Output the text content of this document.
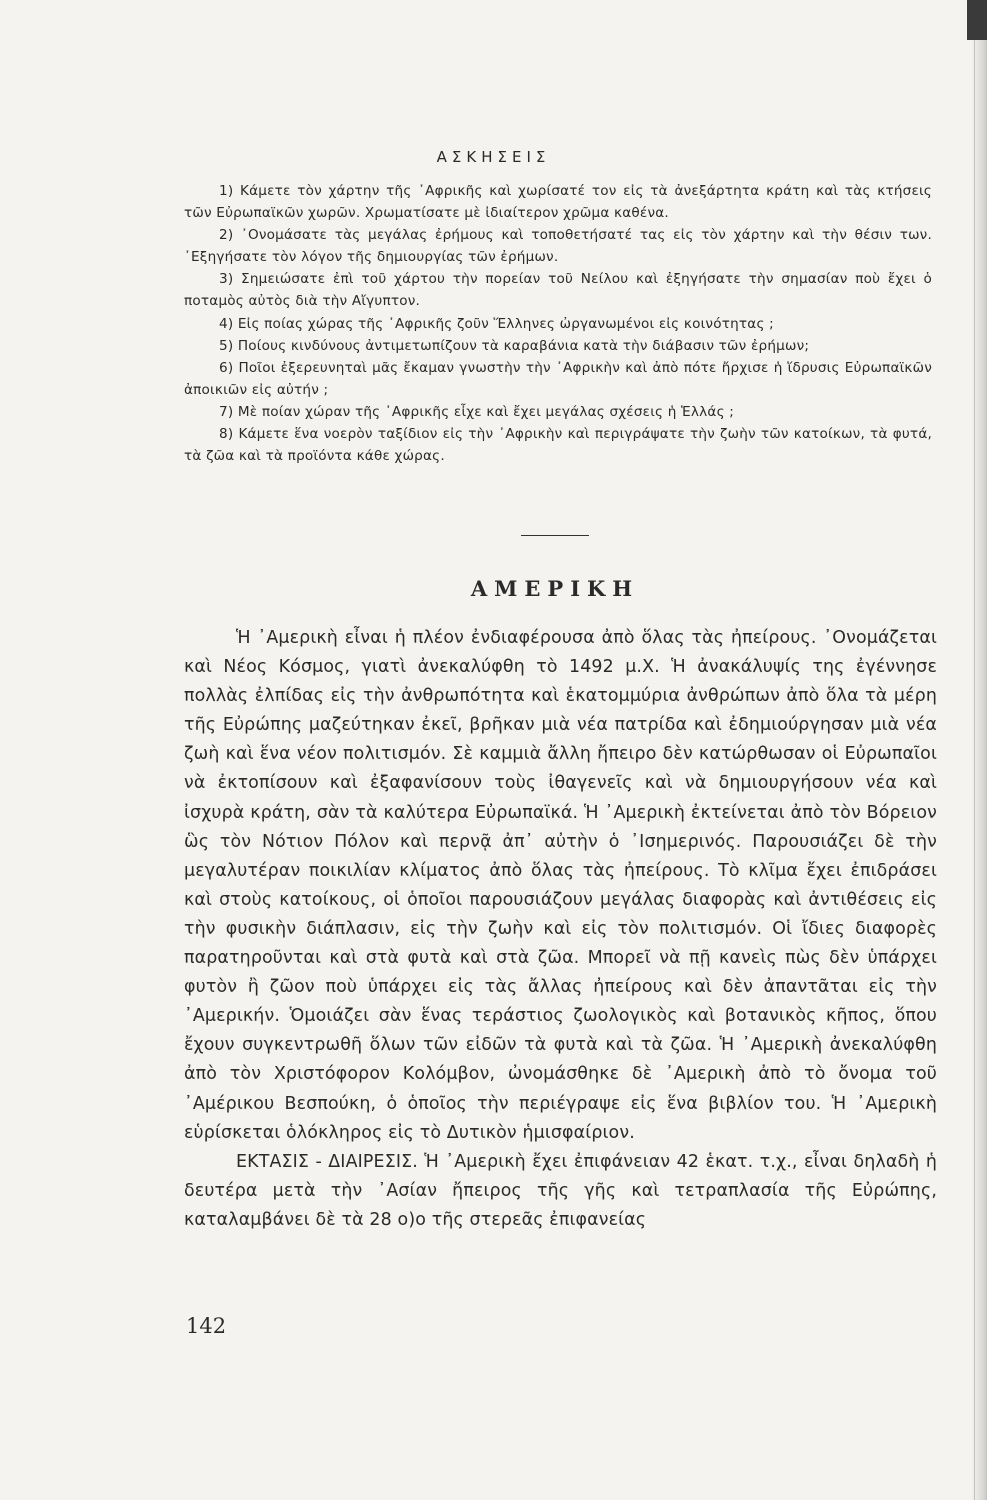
ΑΣΚΗΣΕΙΣ

1) Κάμετε τὸν χάρτην τῆς ᾿Αφρικῆς καὶ χωρίσατέ τον εἰς τὰ ἀνεξάρτητα κράτη καὶ τὰς κτήσεις τῶν Εὐρωπαϊκῶν χωρῶν. Χρωματίσατε μὲ ἰδιαίτερον χρῶμα καθένα.

2) ᾿Ονομάσατε τὰς μεγάλας ἐρήμους καὶ τοποθετήσατέ τας εἰς τὸν χάρτην καὶ τὴν θέσιν των. ᾿Εξηγήσατε τὸν λόγον τῆς δημιουργίας τῶν ἐρήμων.

3) Σημειώσατε ἐπὶ τοῦ χάρτου τὴν πορείαν τοῦ Νείλου καὶ ἐξηγήσατε τὴν σημασίαν ποὺ ἔχει ὁ ποταμὸς αὐτὸς διὰ τὴν Αἴγυπτον.

4) Εἰς ποίας χώρας τῆς ᾿Αφρικῆς ζοῦν Ἕλληνες ὠργανωμένοι εἰς κοινότητας ;

5) Ποίους κινδύνους ἀντιμετωπίζουν τὰ καραβάνια κατὰ τὴν διάβασιν τῶν ἐρήμων;

6) Ποῖοι ἐξερευνηταὶ μᾶς ἔκαμαν γνωστὴν τὴν ᾿Αφρικὴν καὶ ἀπὸ πότε ἤρχισε ἡ ἵδρυσις Εὐρωπαϊκῶν ἀποικιῶν εἰς αὐτήν ;

7) Μὲ ποίαν χώραν τῆς ᾿Αφρικῆς εἶχε καὶ ἔχει μεγάλας σχέσεις ἡ Ἑλλάς ;

8) Κάμετε ἕνα νοερὸν ταξίδιον εἰς τὴν ᾿Αφρικὴν καὶ περιγράψατε τὴν ζωὴν τῶν κατοίκων, τὰ φυτά, τὰ ζῶα καὶ τὰ προϊόντα κάθε χώρας.

ΑΜΕΡΙΚΗ

Ἡ ᾿Αμερικὴ εἶναι ἡ πλέον ἐνδιαφέρουσα ἀπὸ ὅλας τὰς ἠπείρους. ᾿Ονομάζεται καὶ Νέος Κόσμος, γιατὶ ἀνεκαλύφθη τὸ 1492 μ.Χ. Ἡ ἀνακάλυψίς της ἐγέννησε πολλὰς ἐλπίδας εἰς τὴν ἀνθρωπότητα καὶ ἑκατομμύρια ἀνθρώπων ἀπὸ ὅλα τὰ μέρη τῆς Εὐρώπης μαζεύτηκαν ἐκεῖ, βρῆκαν μιὰ νέα πατρίδα καὶ ἐδημιούργησαν μιὰ νέα ζωὴ καὶ ἕνα νέον πολιτισμόν. Σὲ καμμιὰ ἄλλη ἤπειρο δὲν κατώρθωσαν οἱ Εὐρωπαῖοι νὰ ἐκτοπίσουν καὶ ἐξαφανίσουν τοὺς ἰθαγενεῖς καὶ νὰ δημιουργήσουν νέα καὶ ἰσχυρὰ κράτη, σὰν τὰ καλύτερα Εὐρωπαϊκά. Ἡ ᾿Αμερικὴ ἐκτείνεται ἀπὸ τὸν Βόρειον ὣς τὸν Νότιον Πόλον καὶ περνᾷ ἀπ᾿ αὐτὴν ὁ ᾿Ισημερινός. Παρουσιάζει δὲ τὴν μεγαλυτέραν ποικιλίαν κλίματος ἀπὸ ὅλας τὰς ἠπείρους. Τὸ κλῖμα ἔχει ἐπιδράσει καὶ στοὺς κατοίκους, οἱ ὁποῖοι παρουσιάζουν μεγάλας διαφορὰς καὶ ἀντιθέσεις εἰς τὴν φυσικὴν διάπλασιν, εἰς τὴν ζωὴν καὶ εἰς τὸν πολιτισμόν. Οἱ ἴδιες διαφορὲς παρατηροῦνται καὶ στὰ φυτὰ καὶ στὰ ζῶα. Μπορεῖ νὰ πῇ κανεὶς πὼς δὲν ὑπάρχει φυτὸν ἢ ζῶον ποὺ ὑπάρχει εἰς τὰς ἄλλας ἠπείρους καὶ δὲν ἀπαντᾶται εἰς τὴν ᾿Αμερικήν. Ὁμοιάζει σὰν ἕνας τεράστιος ζωολογικὸς καὶ βοτανικὸς κῆπος, ὅπου ἔχουν συγκεντρωθῆ ὅλων τῶν εἰδῶν τὰ φυτὰ καὶ τὰ ζῶα. Ἡ ᾿Αμερικὴ ἀνεκαλύφθη ἀπὸ τὸν Χριστόφορον Κολόμβον, ὠνομάσθηκε δὲ ᾿Αμερικὴ ἀπὸ τὸ ὄνομα τοῦ ᾿Αμέρικου Βεσπούκη, ὁ ὁποῖος τὴν περιέγραψε εἰς ἕνα βιβλίον του. Ἡ ᾿Αμερικὴ εὑρίσκεται ὁλόκληρος εἰς τὸ Δυτικὸν ἡμισφαίριον.

ΕΚΤΑΣΙΣ - ΔΙΑΙΡΕΣΙΣ. Ἡ ᾿Αμερικὴ ἔχει ἐπιφάνειαν 42 ἑκατ. τ.χ., εἶναι δηλαδὴ ἡ δευτέρα μετὰ τὴν ᾿Ασίαν ἤπειρος τῆς γῆς καὶ τετραπλασία τῆς Εὐρώπης, καταλαμβάνει δὲ τὰ 28 ο)ο τῆς στερεᾶς ἐπιφανείας

142
